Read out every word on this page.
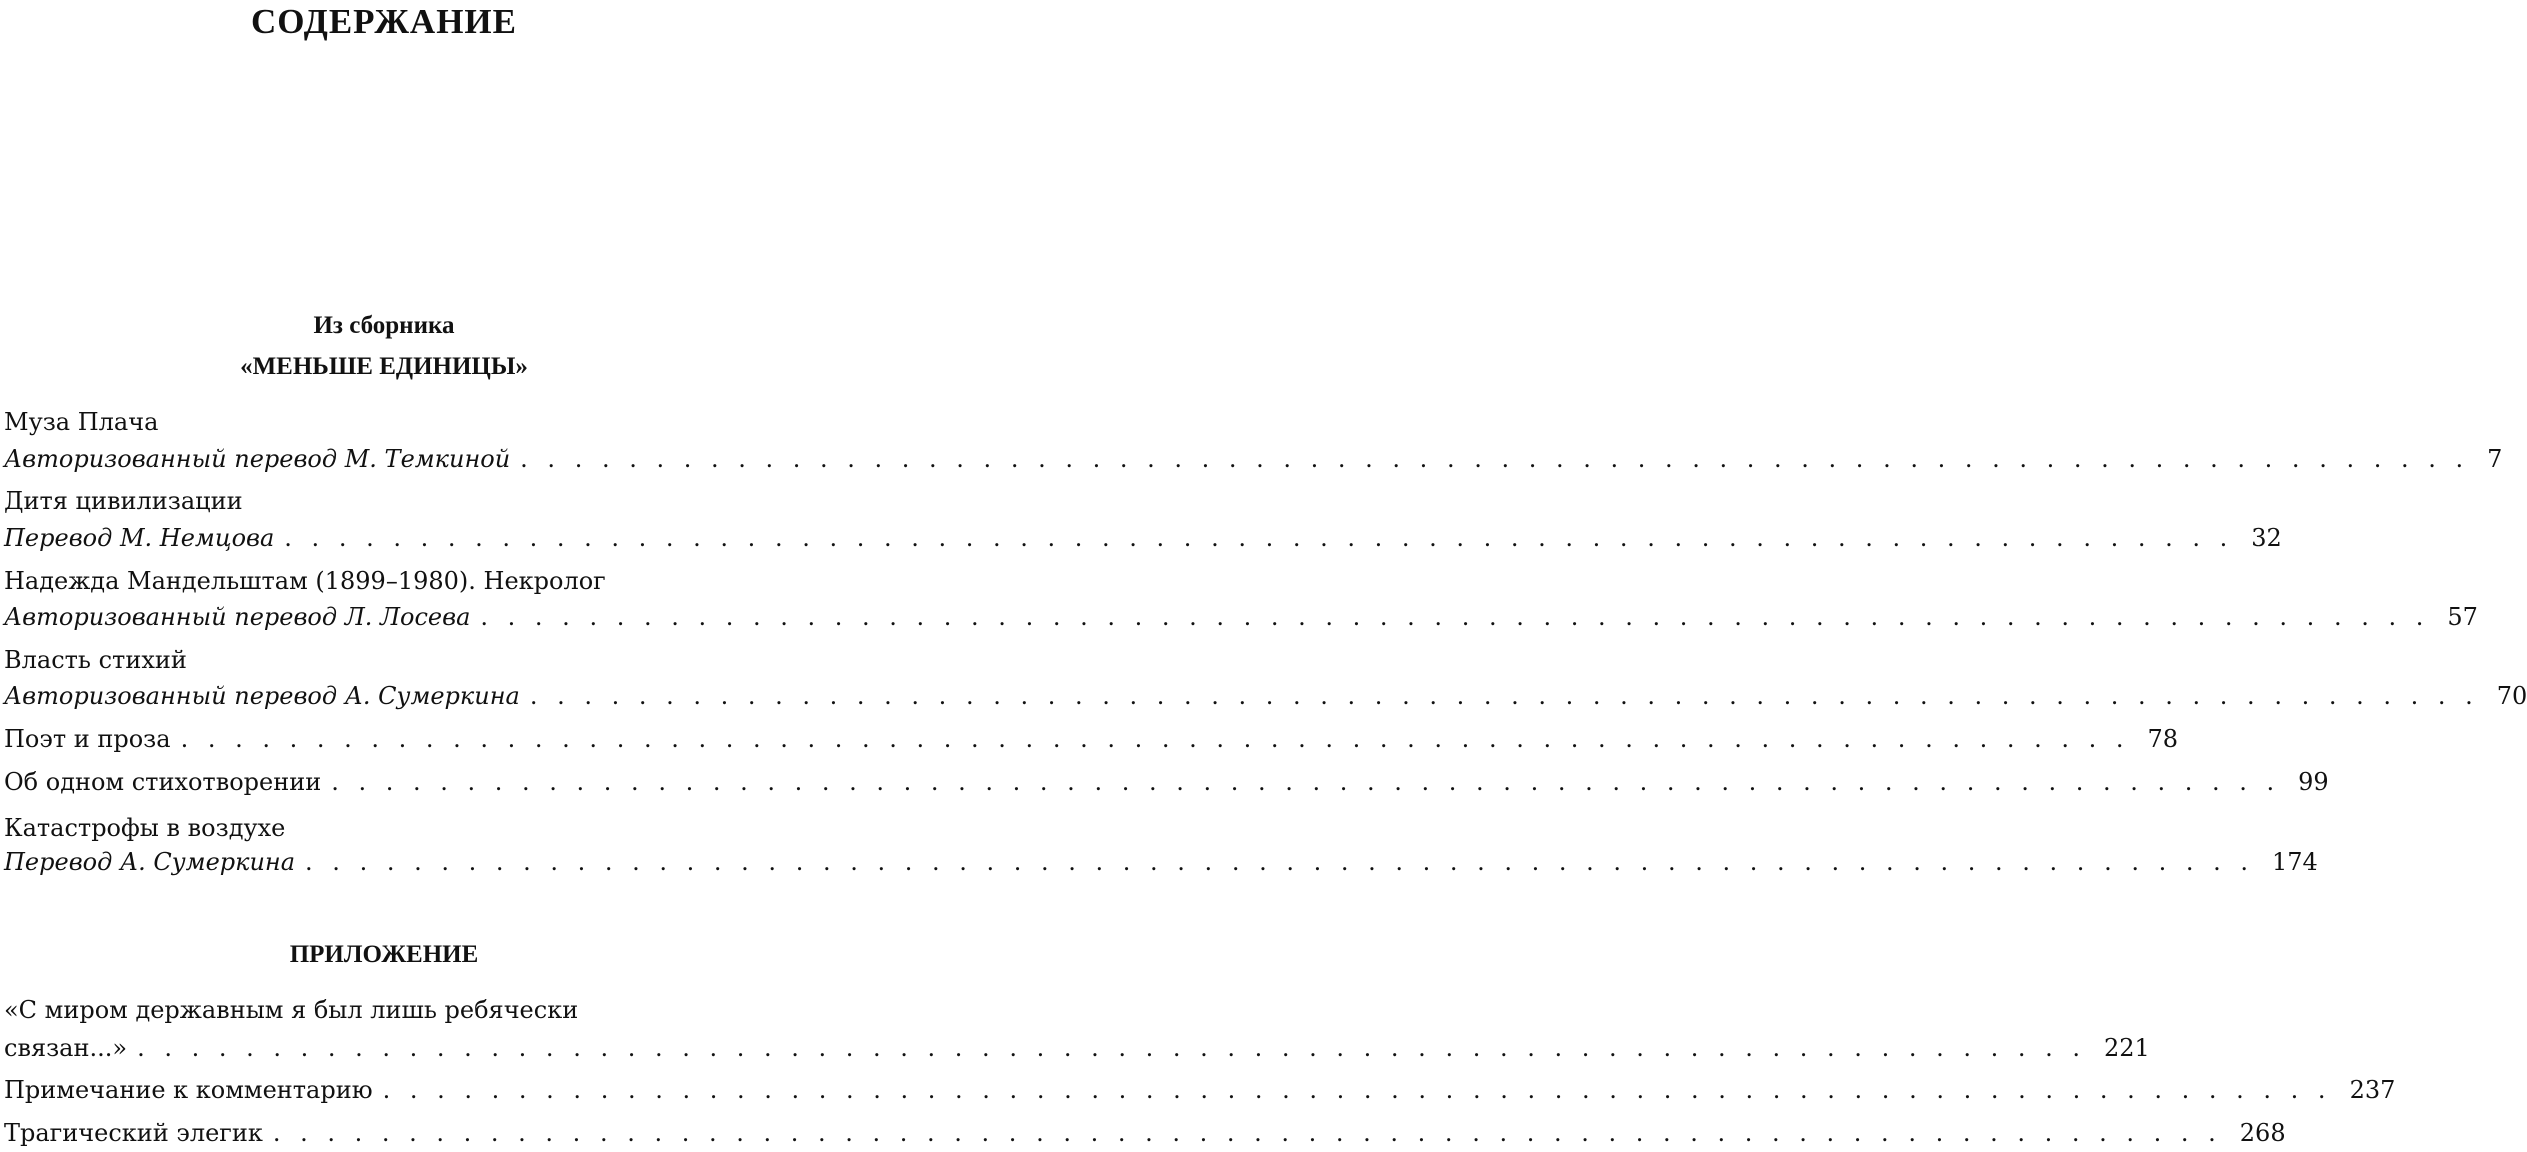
СОДЕРЖАНИЕ
Из сборника
«МЕНЬШЕ ЕДИНИЦЫ»
Муза Плача
Авторизованный перевод М. Темкиной . . . . . . . . . . . . . . . . . . . . . . . . . . . . . . . . . . . . . . . . . . . . . . . . . . . . . . . . . . . . . . . . . . . . . . . . 7
Дитя цивилизации
Перевод М. Немцова . . . . . . . . . . . . . . . . . . . . . . . . . . . . . . . . . . . . . . . . . . . . . . . . . . . . . . . . . . . . . . . . . . . . . . . . 32
Надежда Мандельштам (1899–1980). Некролог
Авторизованный перевод Л. Лосева . . . . . . . . . . . . . . . . . . . . . . . . . . . . . . . . . . . . . . . . . . . . . . . . . . . . . . . . . . . . . . . . . . . . . . . . 57
Власть стихий
Авторизованный перевод А. Сумеркина . . . . . . . . . . . . . . . . . . . . . . . . . . . . . . . . . . . . . . . . . . . . . . . . . . . . . . . . . . . . . . . . . . . . . . . . 70
Поэт и проза . . . . . . . . . . . . . . . . . . . . . . . . . . . . . . . . . . . . . . . . . . . . . . . . . . . . . . . . . . . . . . . . . . . . . . . . 78
Об одном стихотворении . . . . . . . . . . . . . . . . . . . . . . . . . . . . . . . . . . . . . . . . . . . . . . . . . . . . . . . . . . . . . . . . . . . . . . . . 99
Катастрофы в воздухе
Перевод А. Сумеркина . . . . . . . . . . . . . . . . . . . . . . . . . . . . . . . . . . . . . . . . . . . . . . . . . . . . . . . . . . . . . . . . . . . . . . . . 174
ПРИЛОЖЕНИЕ
«С миром державным я был лишь ребячески
связан...» . . . . . . . . . . . . . . . . . . . . . . . . . . . . . . . . . . . . . . . . . . . . . . . . . . . . . . . . . . . . . . . . . . . . . . . . 221
Примечание к комментарию . . . . . . . . . . . . . . . . . . . . . . . . . . . . . . . . . . . . . . . . . . . . . . . . . . . . . . . . . . . . . . . . . . . . . . . . 237
Трагический элегик . . . . . . . . . . . . . . . . . . . . . . . . . . . . . . . . . . . . . . . . . . . . . . . . . . . . . . . . . . . . . . . . . . . . . . . . 268
